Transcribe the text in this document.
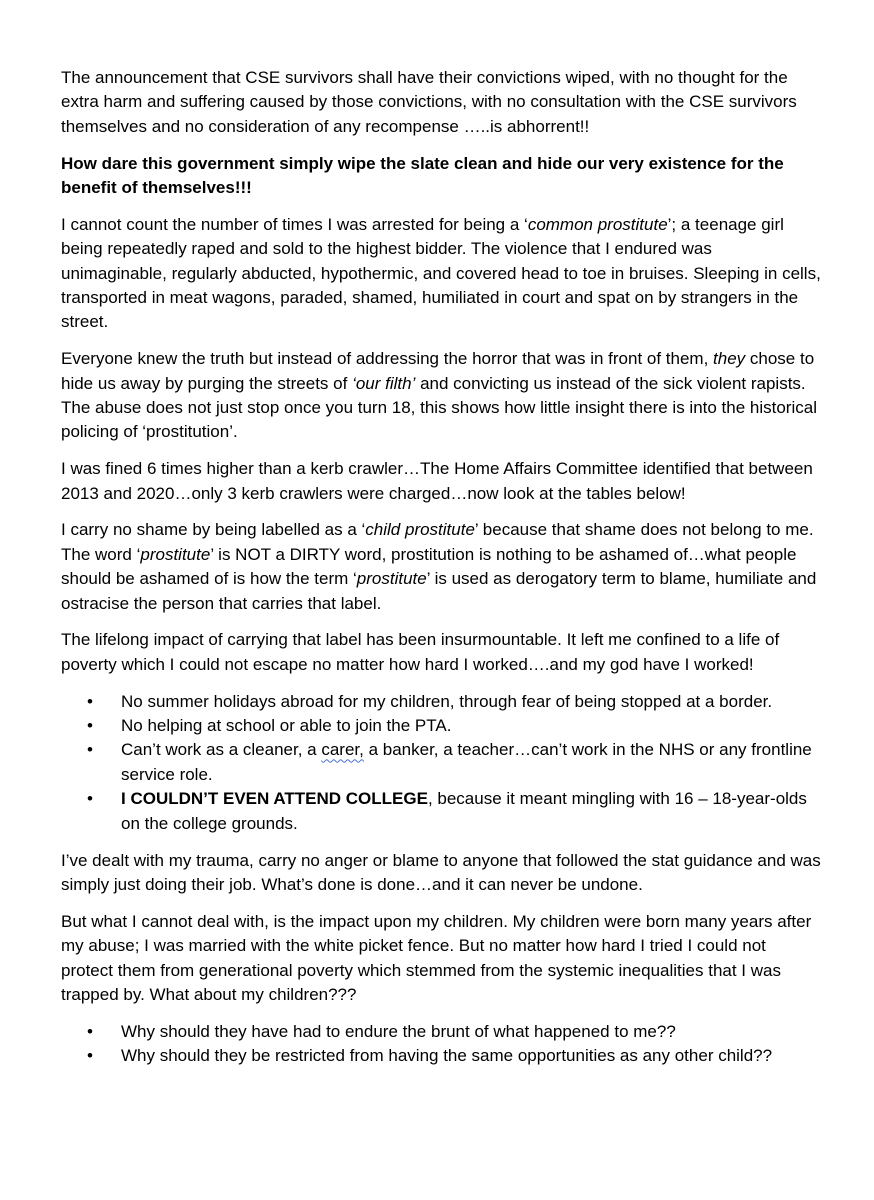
The announcement that CSE survivors shall have their convictions wiped, with no thought for the extra harm and suffering caused by those convictions, with no consultation with the CSE survivors themselves and no consideration of any recompense …..is abhorrent!!

How dare this government simply wipe the slate clean and hide our very existence for the benefit of themselves!!!

I cannot count the number of times I was arrested for being a ‘common prostitute’; a teenage girl being repeatedly raped and sold to the highest bidder. The violence that I endured was unimaginable, regularly abducted, hypothermic, and covered head to toe in bruises. Sleeping in cells, transported in meat wagons, paraded, shamed, humiliated in court and spat on by strangers in the street.

Everyone knew the truth but instead of addressing the horror that was in front of them, they chose to hide us away by purging the streets of ‘our filth’ and convicting us instead of the sick violent rapists. The abuse does not just stop once you turn 18, this shows how little insight there is into the historical policing of ‘prostitution’.

I was fined 6 times higher than a kerb crawler…The Home Affairs Committee identified that between 2013 and 2020…only 3 kerb crawlers were charged…now look at the tables below!

I carry no shame by being labelled as a ‘child prostitute’ because that shame does not belong to me. The word ‘prostitute’ is NOT a DIRTY word, prostitution is nothing to be ashamed of…what people should be ashamed of is how the term ‘prostitute’ is used as derogatory term to blame, humiliate and ostracise the person that carries that label.

The lifelong impact of carrying that label has been insurmountable. It left me confined to a life of poverty which I could not escape no matter how hard I worked….and my god have I worked!

• No summer holidays abroad for my children, through fear of being stopped at a border.
• No helping at school or able to join the PTA.
• Can’t work as a cleaner, a carer, a banker, a teacher…can’t work in the NHS or any frontline service role.
• I COULDN’T EVEN ATTEND COLLEGE, because it meant mingling with 16 – 18-year-olds on the college grounds.

I’ve dealt with my trauma, carry no anger or blame to anyone that followed the stat guidance and was simply just doing their job. What’s done is done…and it can never be undone.

But what I cannot deal with, is the impact upon my children. My children were born many years after my abuse; I was married with the white picket fence. But no matter how hard I tried I could not protect them from generational poverty which stemmed from the systemic inequalities that I was trapped by. What about my children???

• Why should they have had to endure the brunt of what happened to me??
• Why should they be restricted from having the same opportunities as any other child??
